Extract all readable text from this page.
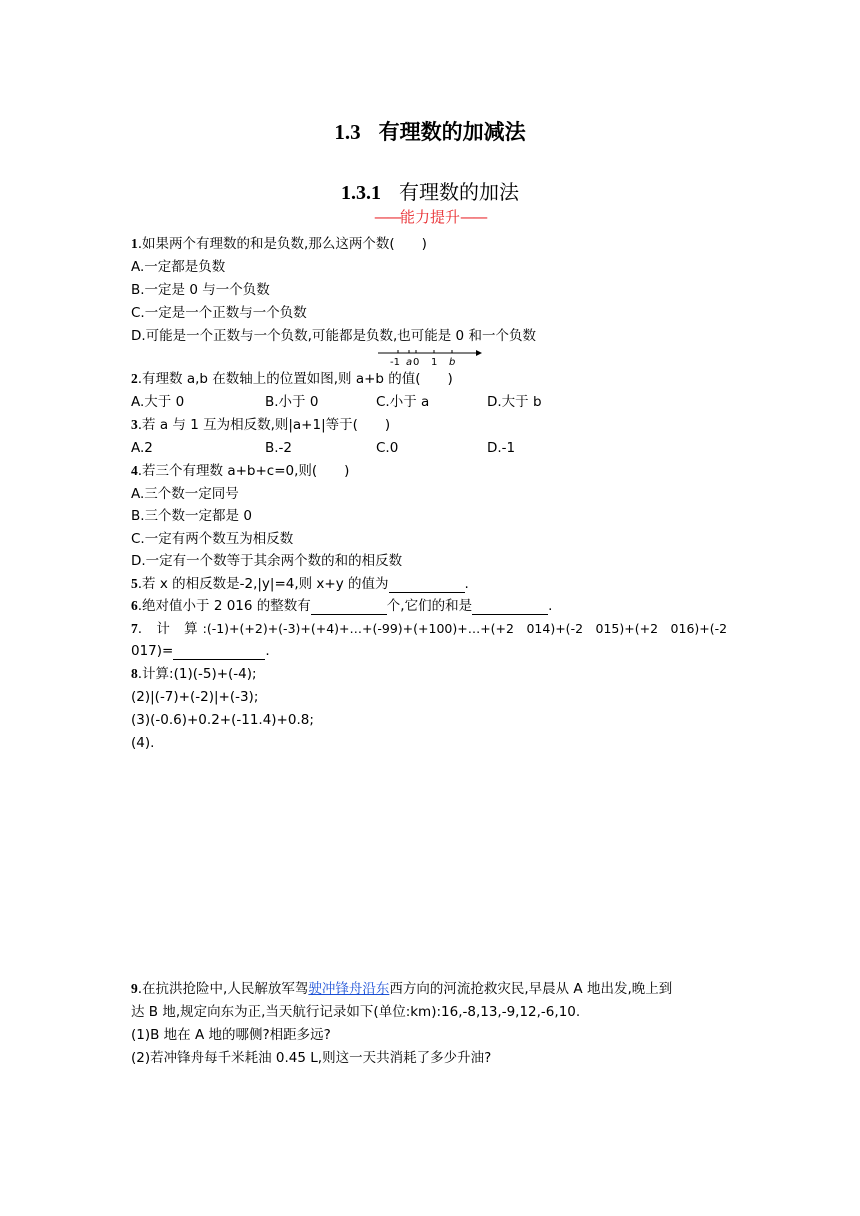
1.3 有理数的加减法
1.3.1 有理数的加法
——能力提升——
1.如果两个有理数的和是负数,那么这两个数(　　)
A.一定都是负数
B.一定是 0 与一个负数
C.一定是一个正数与一个负数
D.可能是一个正数与一个负数,可能都是负数,也可能是 0 和一个负数
-1 a 0 1 b
2.有理数 a,b 在数轴上的位置如图,则 a+b 的值(　　)
A.大于 0	B.小于 0	C.小于 a	D.大于 b
3.若 a 与 1 互为相反数,则|a+1|等于(　　)
A.2	B.-2	C.0	D.-1
4.若三个有理数 a+b+c=0,则(　　)
A.三个数一定同号
B.三个数一定都是 0
C.一定有两个数互为相反数
D.一定有一个数等于其余两个数的和的相反数
5.若 x 的相反数是-2,|y|=4,则 x+y 的值为	.
6.绝对值小于 2 016 的整数有	个,它们的和是	.
7. 计 算:(-1)+(+2)+(-3)+(+4)+…+(-99)+(+100)+…+(+2　014)+(-2　015)+(+2　016)+(-2
017)=	.
8.计算:(1)(-5)+(-4);
(2)|(-7)+(-2)|+(-3);
(3)(-0.6)+0.2+(-11.4)+0.8;
(4).
9.在抗洪抢险中,人民解放军驾驶冲锋舟沿东西方向的河流抢救灾民,早晨从 A 地出发,晚上到
达 B 地,规定向东为正,当天航行记录如下(单位:km):16,-8,13,-9,12,-6,10.
(1)B 地在 A 地的哪侧?相距多远?
(2)若冲锋舟每千米耗油 0.45 L,则这一天共消耗了多少升油?
